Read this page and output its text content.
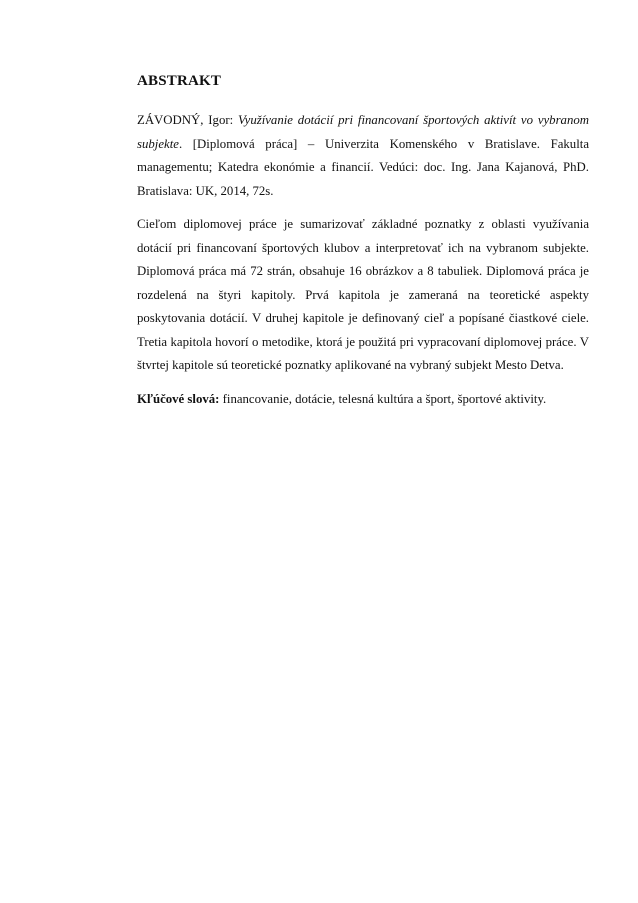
ABSTRAKT

ZÁVODNÝ, Igor: Využívanie dotácií pri financovaní športových aktivít vo vybranom subjekte. [Diplomová práca] – Univerzita Komenského v Bratislave. Fakulta managementu; Katedra ekonómie a financií. Vedúci: doc. Ing. Jana Kajanová, PhD. Bratislava: UK, 2014, 72s.

Cieľom diplomovej práce je sumarizovať základné poznatky z oblasti využívania dotácií pri financovaní športových klubov a interpretovať ich na vybranom subjekte. Diplomová práca má 72 strán, obsahuje 16 obrázkov a 8 tabuliek. Diplomová práca je rozdelená na štyri kapitoly. Prvá kapitola je zameraná na teoretické aspekty poskytovania dotácií. V druhej kapitole je definovaný cieľ a popísané čiastkové ciele. Tretia kapitola hovorí o metodike, ktorá je použitá pri vypracovaní diplomovej práce. V štvrtej kapitole sú teoretické poznatky aplikované na vybraný subjekt Mesto Detva.

Kľúčové slová: financovanie, dotácie, telesná kultúra a šport, športové aktivity.
